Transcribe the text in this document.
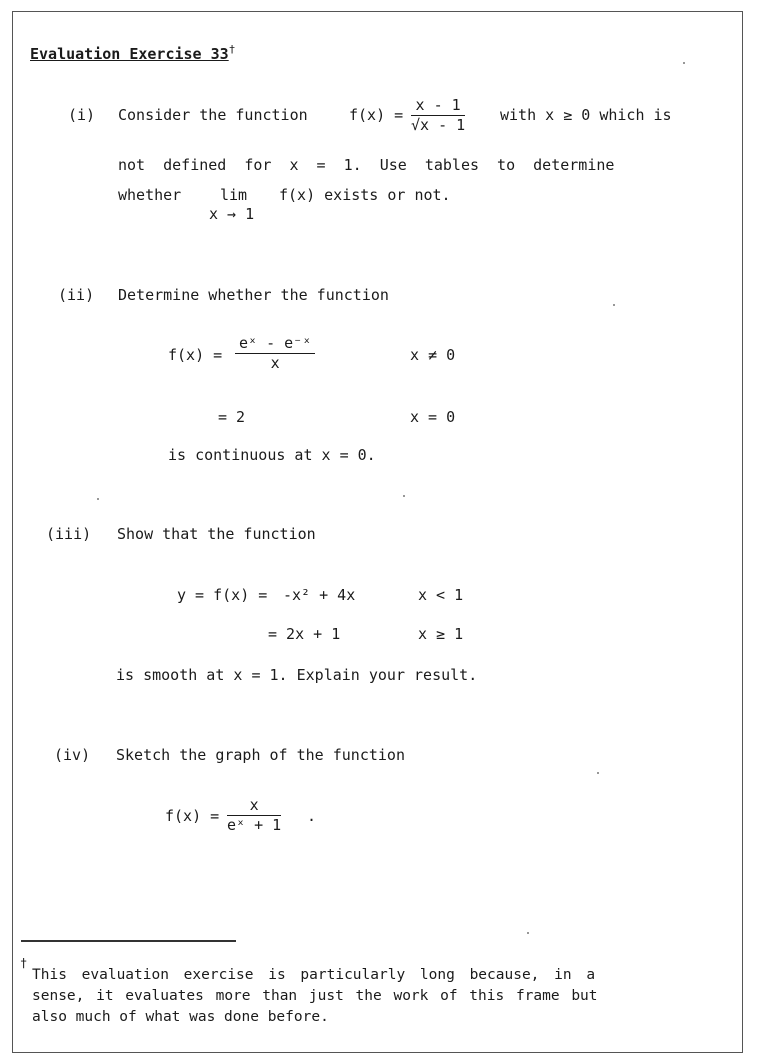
Evaluation Exercise 33†
(i) Consider the function	$f(x) = \frac{x - 1}{√x - 1}$ with x ≥ 0 which is
not defined for x = 1. Use tables to determine
whether	lim
x → 1
f(x) exists or not.
(ii) Determine whether the function
$f(x) = \frac{\text{eˣ - e⁻ˣ}}{x}$	x ≠ 0
= 2	x = 0
is continuous at x = 0.
(iii) Show that the function
y = f(x) = -x² + 4x	x < 1
= 2x + 1	x ≥ 1
is smooth at x = 1. Explain your result.
(iv) Sketch the graph of the function
$f(x) = \frac{x}{\text{eˣ + 1}}$ .
†
This evaluation exercise is particularly long because, in a
sense, it evaluates more than just the work of this frame but
also much of what was done before.
